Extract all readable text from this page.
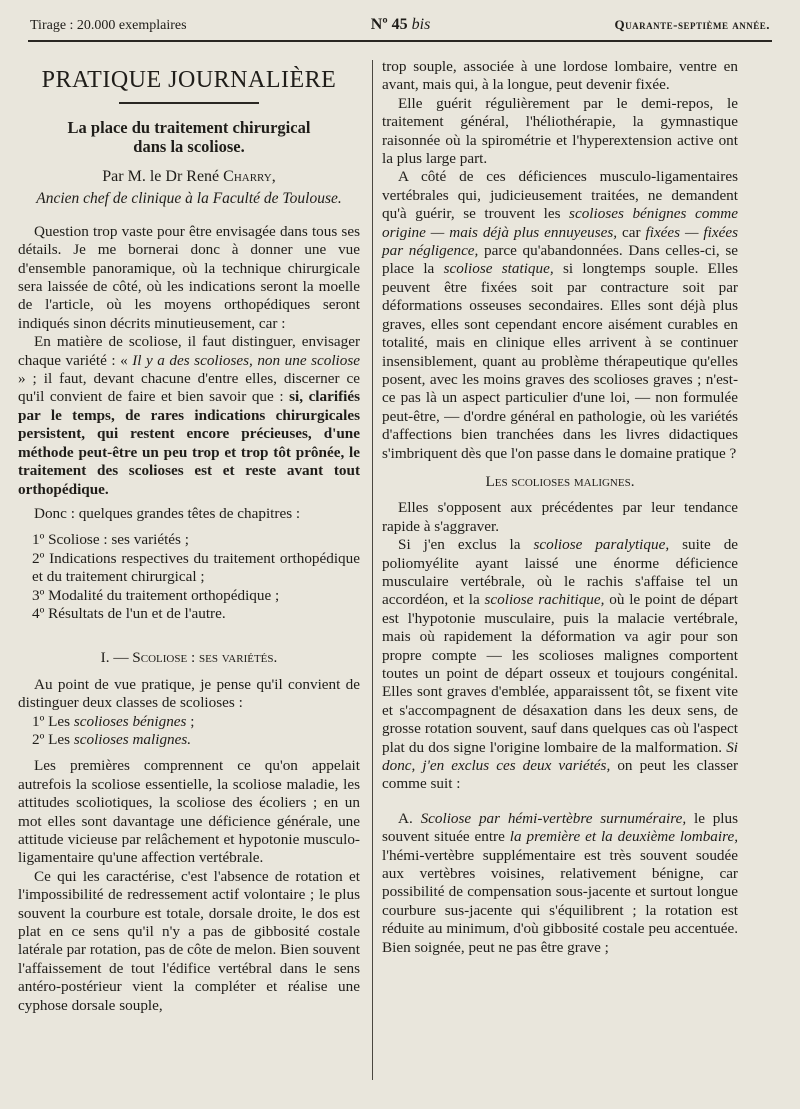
Tirage : 20.000 exemplaires	Nº 45 bis	Quarante-septième année.
PRATIQUE JOURNALIÈRE
La place du traitement chirurgical
dans la scoliose.
Par M. le Dr René Charry,
Ancien chef de clinique à la Faculté de Toulouse.

Question trop vaste pour être envisagée dans tous ses détails. Je me bornerai donc à donner une vue d'ensemble panoramique, où la technique chirurgicale sera laissée de côté, où les indications seront la moelle de l'article, où les moyens orthopédiques seront indiqués sinon décrits minutieusement, car :

En matière de scoliose, il faut distinguer, envisager chaque variété : « Il y a des scolioses, non une scoliose » ; il faut, devant chacune d'entre elles, discerner ce qu'il convient de faire et bien savoir que : si, clarifiés par le temps, de rares indications chirurgicales persistent, qui restent encore précieuses, d'une méthode peut-être un peu trop et trop tôt prônée, le traitement des scolioses est et reste avant tout orthopédique.

Donc : quelques grandes têtes de chapitres :

1º Scoliose : ses variétés ;

2º Indications respectives du traitement orthopédique et du traitement chirurgical ;

3º Modalité du traitement orthopédique ;

4º Résultats de l'un et de l'autre.

I. — Scoliose : ses variétés.

Au point de vue pratique, je pense qu'il convient de distinguer deux classes de scolioses :

1º Les scolioses bénignes ;

2º Les scolioses malignes.

Les premières comprennent ce qu'on appelait autrefois la scoliose essentielle, la scoliose maladie, les attitudes scoliotiques, la scoliose des écoliers ; en un mot elles sont davantage une déficience générale, une attitude vicieuse par relâchement et hypotonie musculo-ligamentaire qu'une affection vertébrale.

Ce qui les caractérise, c'est l'absence de rotation et l'impossibilité de redressement actif volontaire ; le plus souvent la courbure est totale, dorsale droite, le dos est plat en ce sens qu'il n'y a pas de gibbosité costale latérale par rotation, pas de côte de melon. Bien souvent l'affaissement de tout l'édifice vertébral dans le sens antéro-postérieur vient la compléter et réalise une cyphose dorsale souple,

trop souple, associée à une lordose lombaire, ventre en avant, mais qui, à la longue, peut devenir fixée.

Elle guérit régulièrement par le demi-repos, le traitement général, l'héliothérapie, la gymnastique raisonnée où la spirométrie et l'hyperextension active ont la plus large part.

A côté de ces déficiences musculo-ligamentaires vertébrales qui, judicieusement traitées, ne demandent qu'à guérir, se trouvent les scolioses bénignes comme origine — mais déjà plus ennuyeuses, car fixées — fixées par négligence, parce qu'abandonnées. Dans celles-ci, se place la scoliose statique, si longtemps souple. Elles peuvent être fixées soit par contracture soit par déformations osseuses secondaires. Elles sont déjà plus graves, elles sont cependant encore aisément curables en totalité, mais en clinique elles arrivent à se continuer insensiblement, quant au problème thérapeutique qu'elles posent, avec les moins graves des scolioses graves ; n'est-ce pas là un aspect particulier d'une loi, — non formulée peut-être, — d'ordre général en pathologie, où les variétés d'affections bien tranchées dans les livres didactiques s'imbriquent dès que l'on passe dans le domaine pratique ?

Les scolioses malignes.

Elles s'opposent aux précédentes par leur tendance rapide à s'aggraver.

Si j'en exclus la scoliose paralytique, suite de poliomyélite ayant laissé une énorme déficience musculaire vertébrale, où le rachis s'affaise tel un accordéon, et la scoliose rachitique, où le point de départ est l'hypotonie musculaire, puis la malacie vertébrale, mais où rapidement la déformation va agir pour son propre compte — les scolioses malignes comportent toutes un point de départ osseux et toujours congénital. Elles sont graves d'emblée, apparaissent tôt, se fixent vite et s'accompagnent de désaxation dans les deux sens, de grosse rotation souvent, sauf dans quelques cas où l'aspect plat du dos signe l'origine lombaire de la malformation. Si donc, j'en exclus ces deux variétés, on peut les classer comme suit :

A. Scoliose par hémi-vertèbre surnuméraire, le plus souvent située entre la première et la deuxième lombaire, l'hémi-vertèbre supplémentaire est très souvent soudée aux vertèbres voisines, relativement bénigne, car possibilité de compensation sous-jacente et surtout longue courbure sus-jacente qui s'équilibrent ; la rotation est réduite au minimum, d'où gibbosité costale peu accentuée. Bien soignée, peut ne pas être grave ;
